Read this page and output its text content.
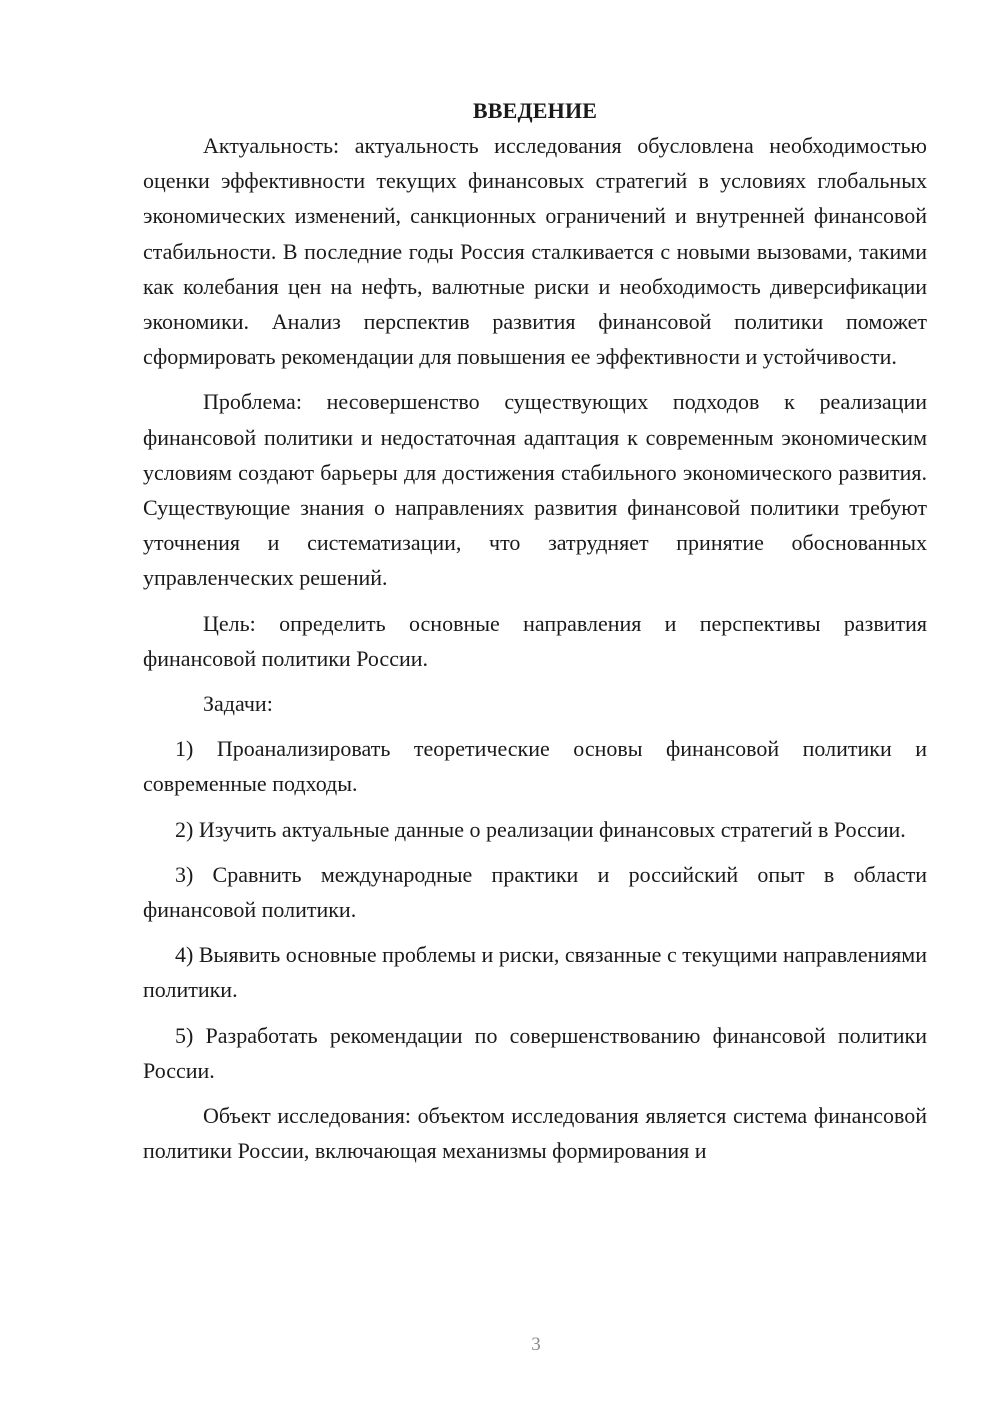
ВВЕДЕНИЕ

Актуальность: актуальность исследования обусловлена необходимостью оценки эффективности текущих финансовых стратегий в условиях глобальных экономических изменений, санкционных ограничений и внутренней финансовой стабильности. В последние годы Россия сталкивается с новыми вызовами, такими как колебания цен на нефть, валютные риски и необходимость диверсификации экономики. Анализ перспектив развития финансовой политики поможет сформировать рекомендации для повышения ее эффективности и устойчивости.

Проблема: несовершенство существующих подходов к реализации финансовой политики и недостаточная адаптация к современным экономическим условиям создают барьеры для достижения стабильного экономического развития. Существующие знания о направлениях развития финансовой политики требуют уточнения и систематизации, что затрудняет принятие обоснованных управленческих решений.

Цель: определить основные направления и перспективы развития финансовой политики России.

Задачи:

1) Проанализировать теоретические основы финансовой политики и современные подходы.

2) Изучить актуальные данные о реализации финансовых стратегий в России.

3) Сравнить международные практики и российский опыт в области финансовой политики.

4) Выявить основные проблемы и риски, связанные с текущими направлениями политики.

5) Разработать рекомендации по совершенствованию финансовой политики России.

Объект исследования: объектом исследования является система финансовой политики России, включающая механизмы формирования и

3
